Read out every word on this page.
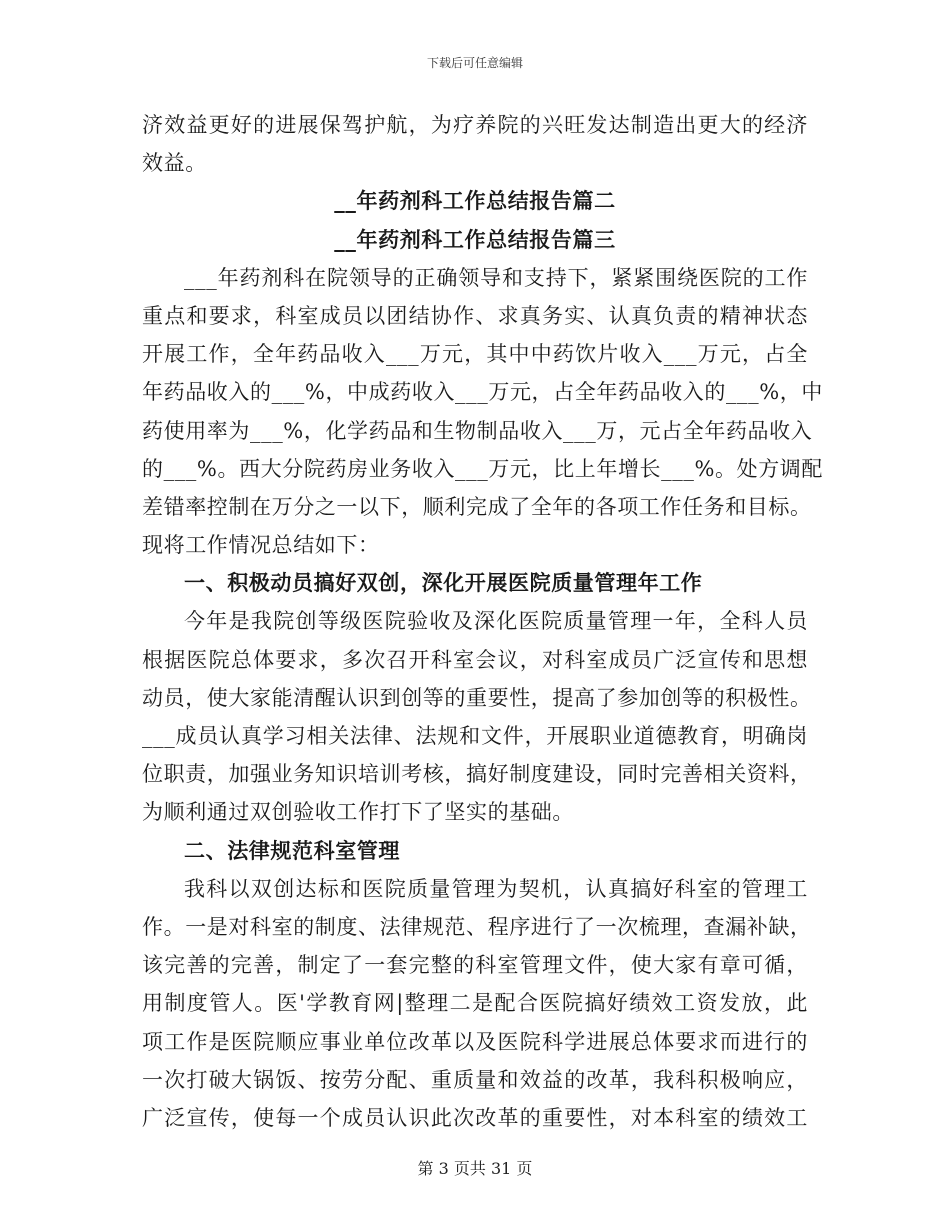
下载后可任意编辑
济效益更好的进展保驾护航，为疗养院的兴旺发达制造出更大的经济
效益。
__年药剂科工作总结报告篇二
__年药剂科工作总结报告篇三
___年药剂科在院领导的正确领导和支持下，紧紧围绕医院的工作
重点和要求，科室成员以团结协作、求真务实、认真负责的精神状态
开展工作，全年药品收入___万元，其中中药饮片收入___万元，占全
年药品收入的___%，中成药收入___万元，占全年药品收入的___%，中
药使用率为___%，化学药品和生物制品收入___万，元占全年药品收入
的___%。西大分院药房业务收入___万元，比上年增长___%。处方调配
差错率控制在万分之一以下，顺利完成了全年的各项工作任务和目标。
现将工作情况总结如下：
一、积极动员搞好双创，深化开展医院质量管理年工作
今年是我院创等级医院验收及深化医院质量管理一年，全科人员
根据医院总体要求，多次召开科室会议，对科室成员广泛宣传和思想
动员，使大家能清醒认识到创等的重要性，提高了参加创等的积极性。
___成员认真学习相关法律、法规和文件，开展职业道德教育，明确岗
位职责，加强业务知识培训考核，搞好制度建设，同时完善相关资料，
为顺利通过双创验收工作打下了坚实的基础。
二、法律规范科室管理
我科以双创达标和医院质量管理为契机，认真搞好科室的管理工
作。一是对科室的制度、法律规范、程序进行了一次梳理，查漏补缺，
该完善的完善，制定了一套完整的科室管理文件，使大家有章可循，
用制度管人。医'学教育网|整理二是配合医院搞好绩效工资发放，此
项工作是医院顺应事业单位改革以及医院科学进展总体要求而进行的
一次打破大锅饭、按劳分配、重质量和效益的改革，我科积极响应，
广泛宣传，使每一个成员认识此次改革的重要性，对本科室的绩效工
第 3 页共 31 页
